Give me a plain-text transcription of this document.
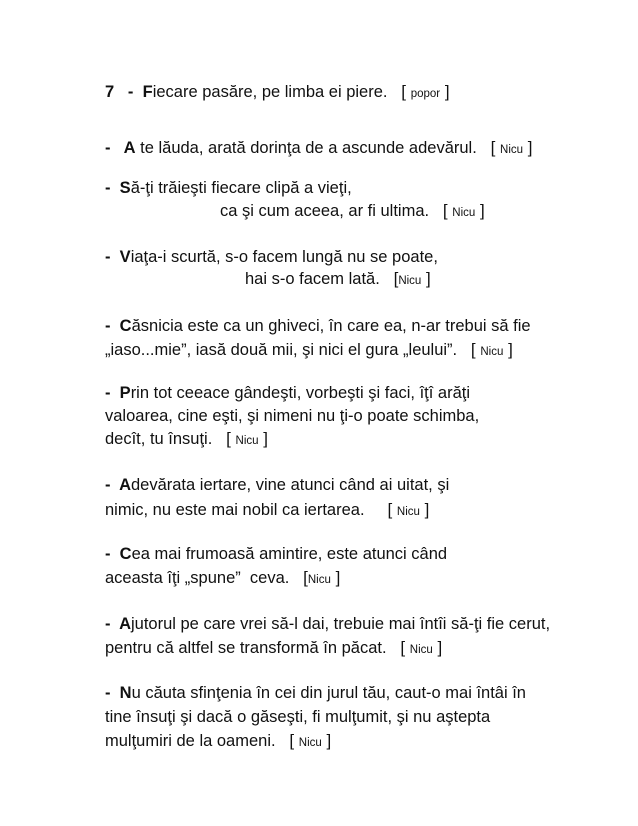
7   -  Fiecare pasăre, pe limba ei piere. [ popor ]
-   A te lăuda, arată dorinţa de a ascunde adevărul. [ Nicu ]
-  Să-ţi trăieşti fiecare clipă a vieţi,
ca şi cum aceea, ar fi ultima. [ Nicu ]
-  Viaţa-i scurtă, s-o facem lungă nu se poate,
hai s-o facem lată. [Nicu ]
-  Căsnicia este ca un ghiveci, în care ea, n-ar trebui să fie
„iaso...mie”, iasă două mii, şi nici el gura „leului”. [ Nicu ]
-  Prin tot ceeace gândeşti, vorbeşti şi faci, îţî arăţi
valoarea, cine eşti, şi nimeni nu ţi-o poate schimba,
decît, tu însuţi. [ Nicu ]
-  Adevărata iertare, vine atunci când ai uitat, şi
nimic, nu este mai nobil ca iertarea. [ Nicu ]
-  Cea mai frumoasă amintire, este atunci când
aceasta îţi „spune”  ceva. [Nicu ]
-  Ajutorul pe care vrei să-l dai, trebuie mai întîi să-ţi fie cerut,
pentru că altfel se transformă în păcat. [ Nicu ]
-  Nu căuta sfinţenia în cei din jurul tău, caut-o mai întâi în
tine însuţi şi dacă o găseşti, fi mulţumit, şi nu aştepta
mulţumiri de la oameni. [ Nicu ]
